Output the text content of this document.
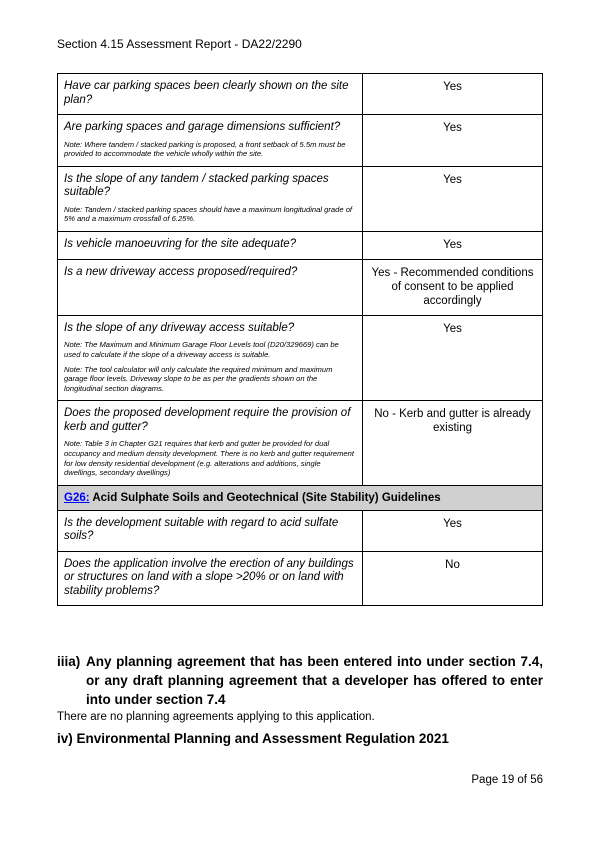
Section 4.15 Assessment Report - DA22/2290
Have car parking spaces been clearly shown on the site plan?	Yes

Are parking spaces and garage dimensions sufficient?
Note: Where tandem / stacked parking is proposed, a front setback of 5.5m must be provided to accommodate the vehicle wholly within the site.	Yes

Is the slope of any tandem / stacked parking spaces suitable?
Note: Tandem / stacked parking spaces should have a maximum longitudinal grade of 5% and a maximum crossfall of 6.25%.	Yes

Is vehicle manoeuvring for the site adequate?	Yes

Is a new driveway access proposed/required?	Yes - Recommended conditions of consent to be applied accordingly

Is the slope of any driveway access suitable?
Note: The Maximum and Minimum Garage Floor Levels tool (D20/329669) can be used to calculate if the slope of a driveway access is suitable.
Note: The tool calculator will only calculate the required minimum and maximum garage floor levels. Driveway slope to be as per the gradients shown on the longitudinal section diagrams.	Yes

Does the proposed development require the provision of kerb and gutter?
Note: Table 3 in Chapter G21 requires that kerb and gutter be provided for dual occupancy and medium density development. There is no kerb and gutter requirement for low density residential development (e.g. alterations and additions, single dwellings, secondary dwellings)	No - Kerb and gutter is already existing
G26: Acid Sulphate Soils and Geotechnical (Site Stability) Guidelines	

Is the development suitable with regard to acid sulfate soils?	Yes

Does the application involve the erection of any buildings or structures on land with a slope >20% or on land with stability problems?	No
iiia) Any planning agreement that has been entered into under section 7.4, or any draft planning agreement that a developer has offered to enter into under section 7.4
There are no planning agreements applying to this application.
iv) Environmental Planning and Assessment Regulation 2021
Page 19 of 56
